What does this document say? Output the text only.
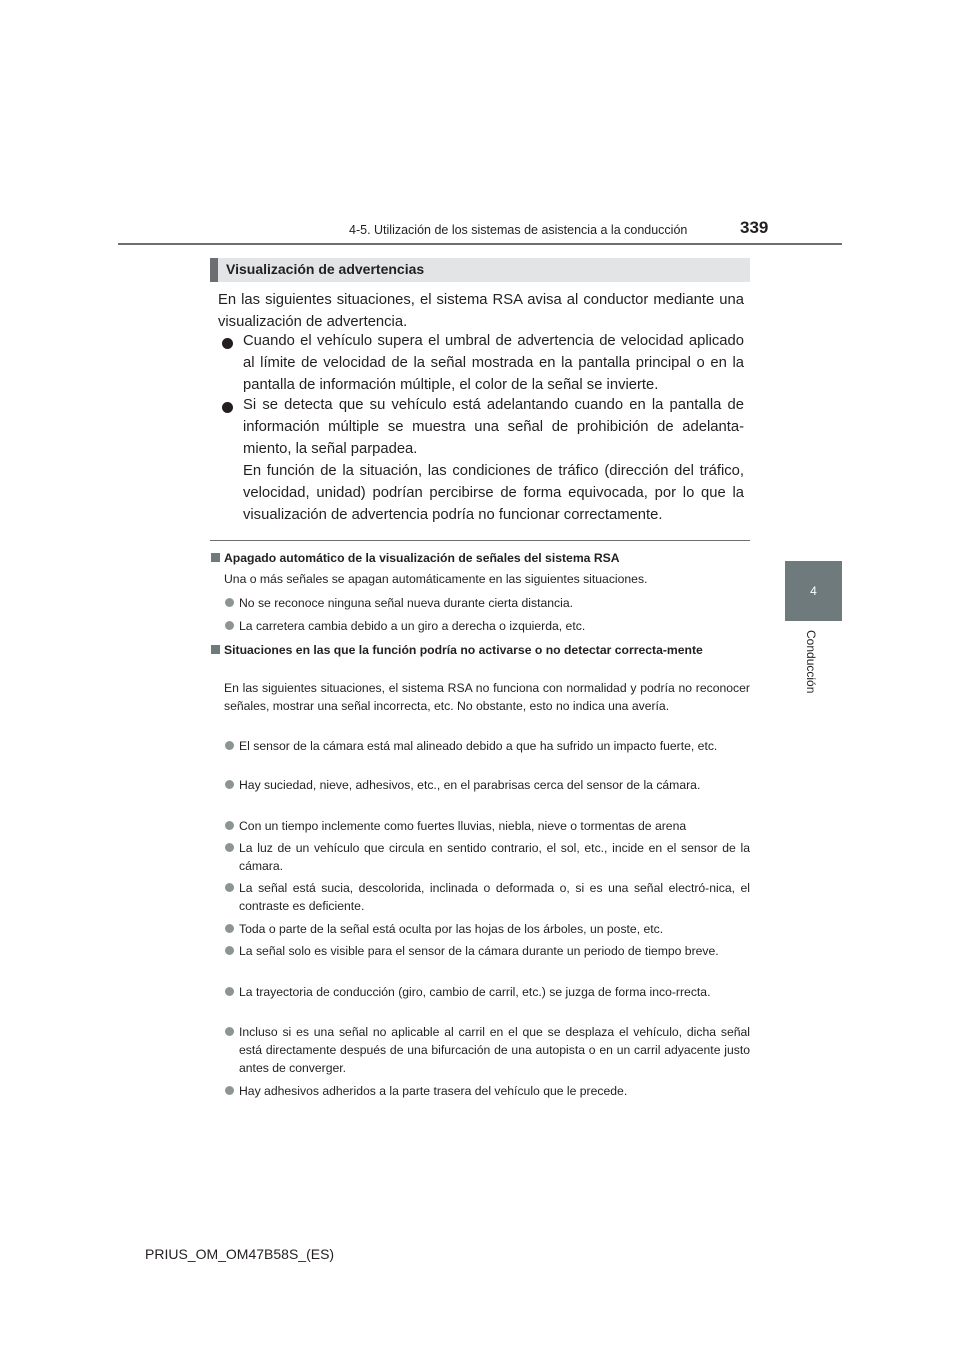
4-5. Utilización de los sistemas de asistencia a la conducción	339
4
Conducción
Visualización de advertencias
En las siguientes situaciones, el sistema RSA avisa al conductor mediante una visualización de advertencia.
Cuando el vehículo supera el umbral de advertencia de velocidad aplicado al límite de velocidad de la señal mostrada en la pantalla principal o en la pantalla de información múltiple, el color de la señal se invierte.
Si se detecta que su vehículo está adelantando cuando en la pantalla de información múltiple se muestra una señal de prohibición de adelanta-miento, la señal parpadea.
En función de la situación, las condiciones de tráfico (dirección del tráfico, velocidad, unidad) podrían percibirse de forma equivocada, por lo que la visualización de advertencia podría no funcionar correctamente.
Apagado automático de la visualización de señales del sistema RSA
Una o más señales se apagan automáticamente en las siguientes situaciones.
No se reconoce ninguna señal nueva durante cierta distancia.
La carretera cambia debido a un giro a derecha o izquierda, etc.
Situaciones en las que la función podría no activarse o no detectar correcta-mente
En las siguientes situaciones, el sistema RSA no funciona con normalidad y podría no reconocer señales, mostrar una señal incorrecta, etc. No obstante, esto no indica una avería.
El sensor de la cámara está mal alineado debido a que ha sufrido un impacto fuerte, etc.
Hay suciedad, nieve, adhesivos, etc., en el parabrisas cerca del sensor de la cámara.
Con un tiempo inclemente como fuertes lluvias, niebla, nieve o tormentas de arena
La luz de un vehículo que circula en sentido contrario, el sol, etc., incide en el sensor de la cámara.
La señal está sucia, descolorida, inclinada o deformada o, si es una señal electró-nica, el contraste es deficiente.
Toda o parte de la señal está oculta por las hojas de los árboles, un poste, etc.
La señal solo es visible para el sensor de la cámara durante un periodo de tiempo breve.
La trayectoria de conducción (giro, cambio de carril, etc.) se juzga de forma inco-rrecta.
Incluso si es una señal no aplicable al carril en el que se desplaza el vehículo, dicha señal está directamente después de una bifurcación de una autopista o en un carril adyacente justo antes de converger.
Hay adhesivos adheridos a la parte trasera del vehículo que le precede.
PRIUS_OM_OM47B58S_(ES)
